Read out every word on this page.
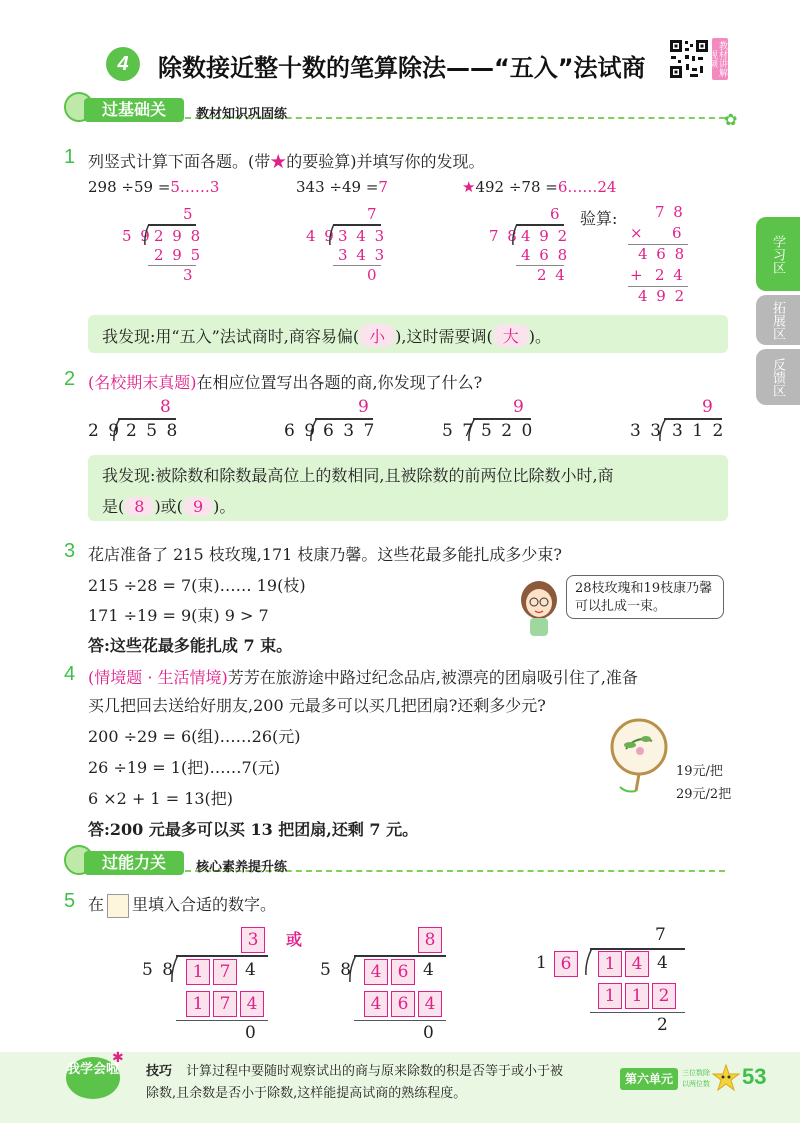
4	除数接近整十数的笔算除法——“五入”法试商	教材讲解视频
过基础关	教材知识巩固练	✿
学习区
拓展区
反馈区
1 列竖式计算下面各题。(带★的要验算)并填写你的发现。
298 ÷59 =5……3	343 ÷49 =7	★492 ÷78 =6……24
5
5 9 2 9 8
2 9 5
3
7
4 9 3 4 3
3 4 3
0
6
7 8 4 9 2
4 6 8
2 4
验算:	7 8
× 6
4 6 8
+ 2 4
4 9 2
我发现:用“五入”法试商时,商容易偏( 小 ),这时需要调( 大 )。
2 (名校期末真题)在相应位置写出各题的商,你发现了什么?
8
2 9 2 5 8
9
6 9 6 3 7
9
5 7 5 2 0
9
3 3 3 1 2
我发现:被除数和除数最高位上的数相同,且被除数的前两位比除数小时,商
是( 8 )或( 9 )。
3 花店准备了 215 枝玫瑰,171 枝康乃馨。这些花最多能扎成多少束?
215 ÷28 = 7(束)…… 19(枝)
171 ÷19 = 9(束) 9 > 7
答:这些花最多能扎成 7 束。
28枝玫瑰和19枝康乃馨可以扎成一束。
4 (情境题 · 生活情境)芳芳在旅游途中路过纪念品店,被漂亮的团扇吸引住了,准备
买几把回去送给好朋友,200 元最多可以买几把团扇?还剩多少元?
200 ÷29 = 6(组)……26(元)
26 ÷19 = 1(把)……7(元)
6 ×2 + 1 = 13(把)
答:200 元最多可以买 13 把团扇,还剩 7 元。
19元/把
29元/2把
过能力关	核心素养提升练
5 在 里填入合适的数字。
3
5 8	1 7 4
1 7 4
0
或	8
5 8	4 6 4
4 6 4
0
7
1 6	1 4 4
1 1 2
2
我学会啦
✱
技巧 计算过程中要随时观察试出的商与原来除数的积是否等于或小于被
除数,且余数是否小于除数,这样能提高试商的熟练程度。
第六单元	三位数除以两位数 53
